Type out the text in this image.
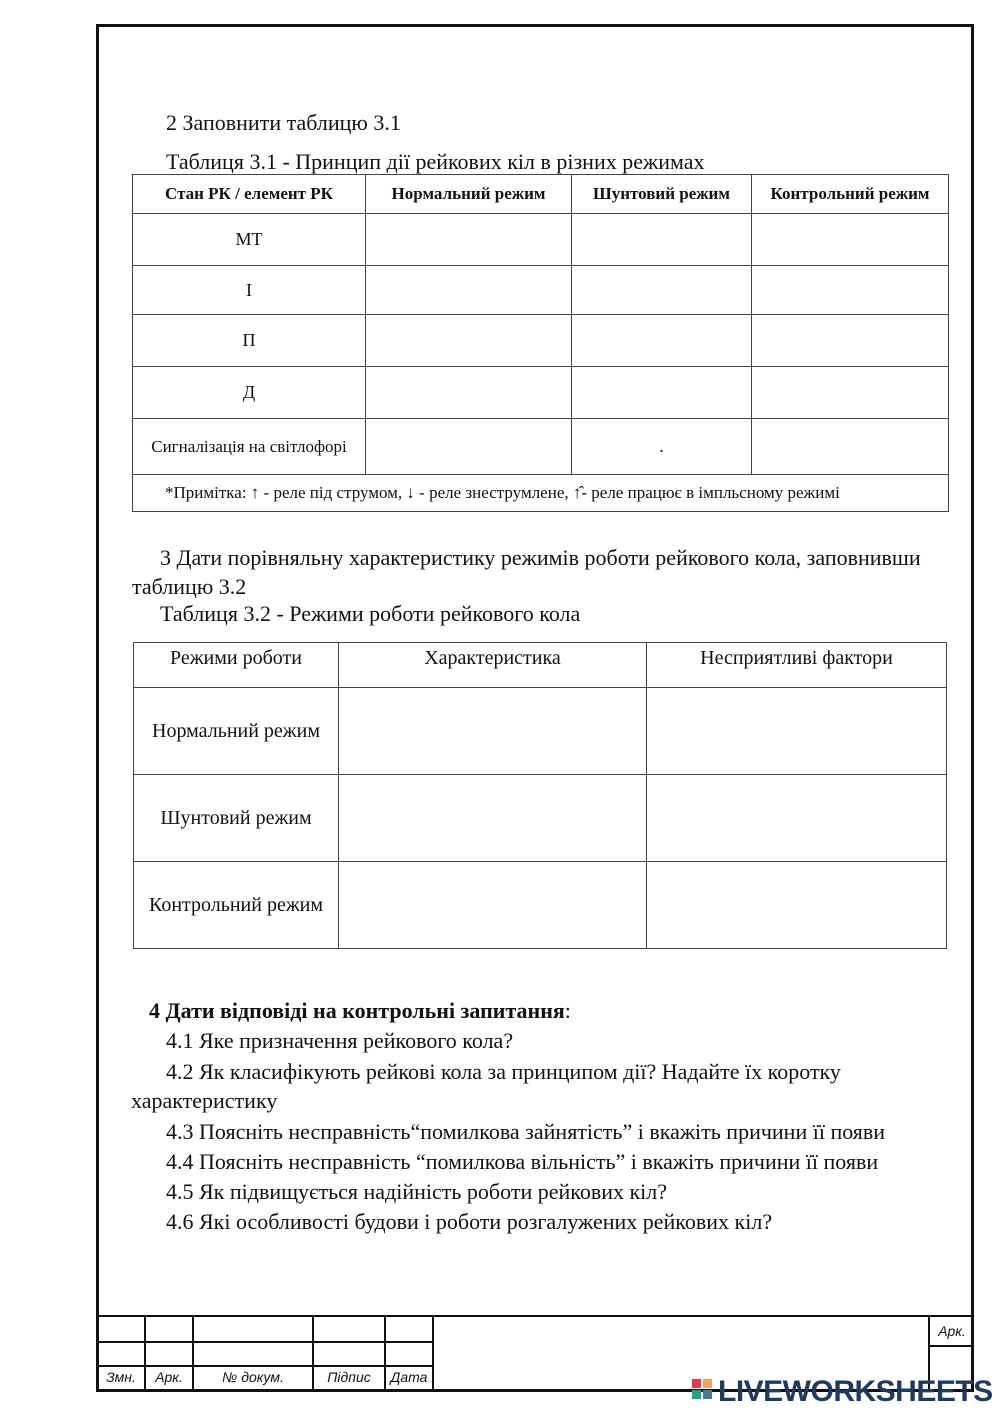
2 Заповнити таблицю 3.1
Таблиця 3.1 - Принцип дії рейкових кіл в різних режимах
Стан РК / елемент РК	Нормальний режим	Шунтовий режим	Контрольний режим
МТ			
І			
П			
Д			
Сигналізація на світлофорі		.	
*Примітка: ↑ - реле під струмом, ↓ - реле знеструмлене, ↑̂- реле працює в імпльсному режимі			
3 Дати порівняльну характеристику режимів роботи рейкового кола, заповнивши таблицю 3.2
Таблиця 3.2 - Режими роботи рейкового кола
Режими роботи	Характеристика	Несприятливі фактори
Нормальний режим		
Шунтовий режим		
Контрольний режим		
4 Дати відповіді на контрольні запитання:
4.1 Яке призначення рейкового кола?
4.2 Як класифікують рейкові кола за принципом дії? Надайте їх коротку характеристику
4.3 Поясніть несправність“помилкова зайнятість” і вкажіть причини її появи
4.4 Поясніть несправність “помилкова вільність” і вкажіть причини її появи
4.5 Як підвищується надійність роботи рейкових кіл?
4.6 Які особливості будови і роботи розгалужених рейкових кіл?
Змн.	Арк.	№ докум.	Підпис	Дата
Арк.
LIVEWORKSHEETS
